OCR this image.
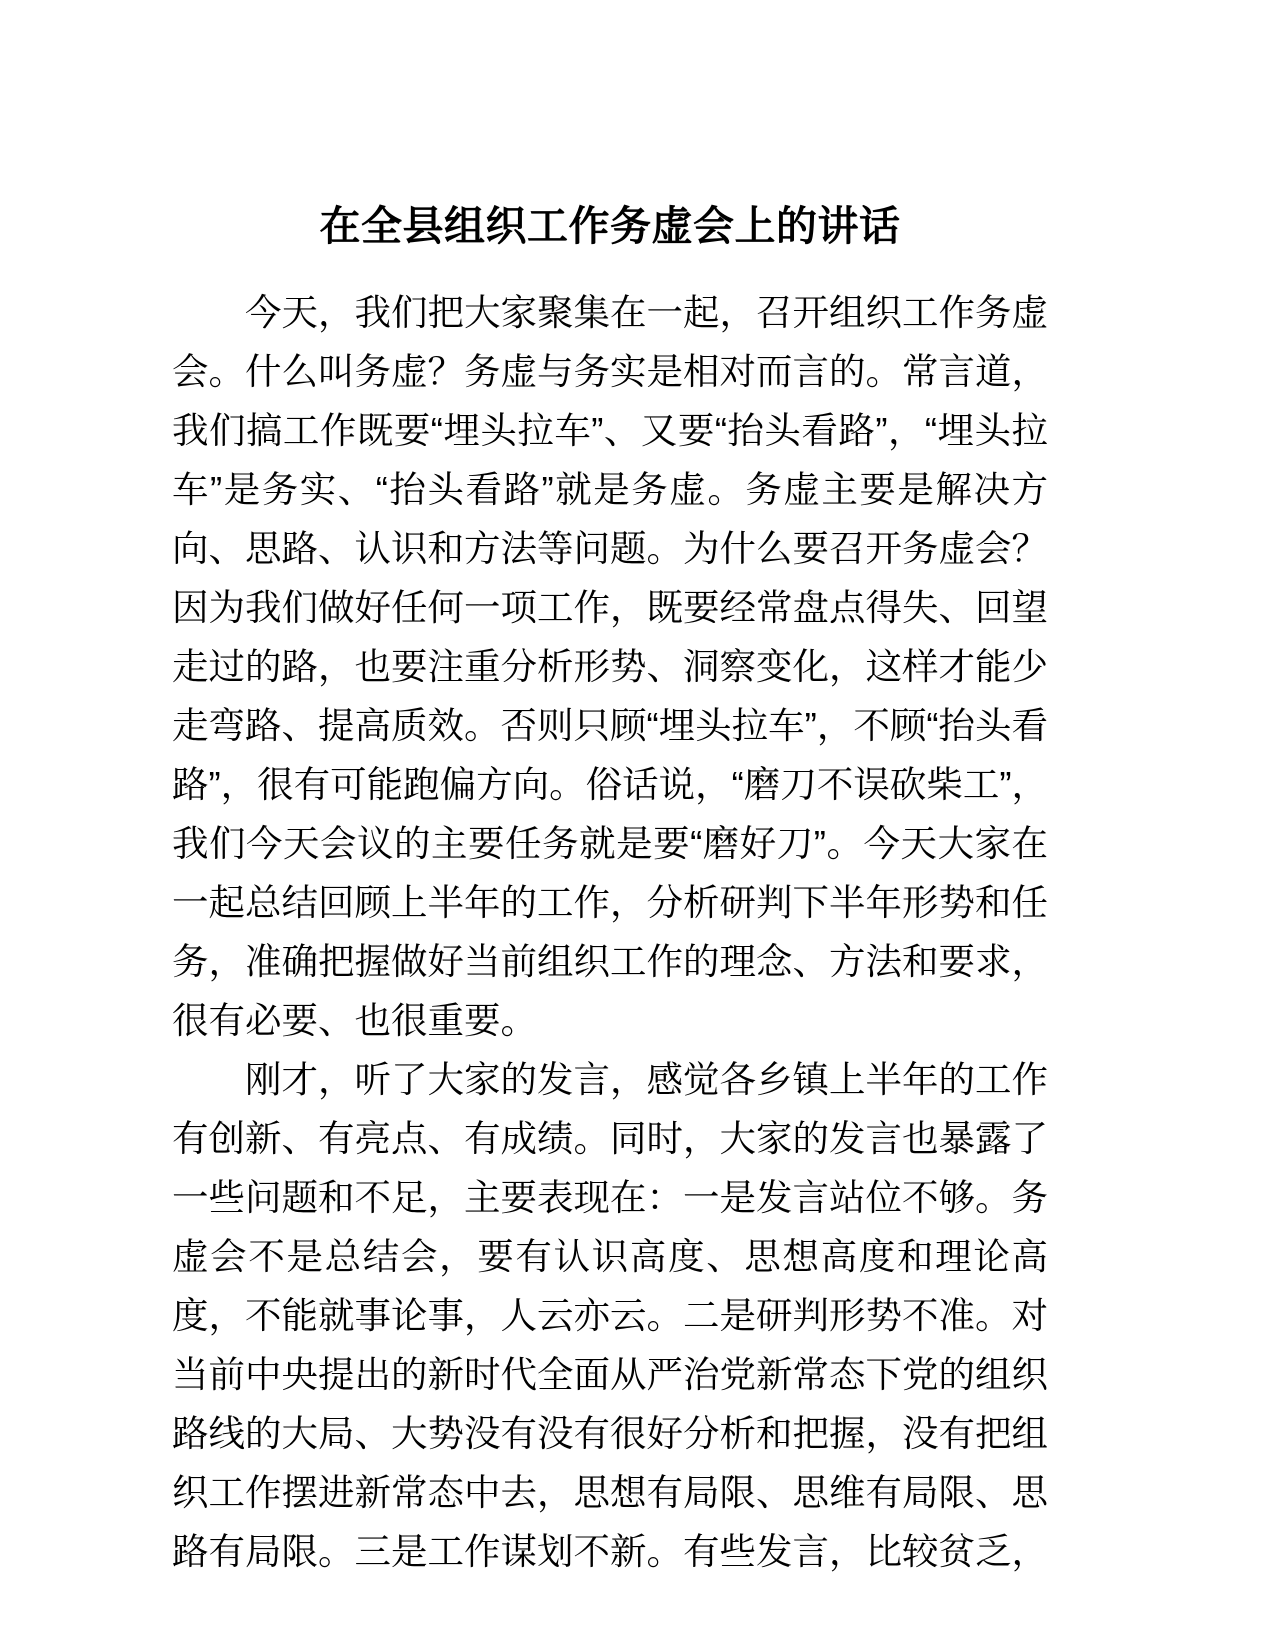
在全县组织工作务虚会上的讲话

今天，我们把大家聚集在一起，召开组织工作务虚会。什么叫务虚？务虚与务实是相对而言的。常言道，我们搞工作既要“埋头拉车”、又要“抬头看路”，“埋头拉车”是务实、“抬头看路”就是务虚。务虚主要是解决方向、思路、认识和方法等问题。为什么要召开务虚会？因为我们做好任何一项工作，既要经常盘点得失、回望走过的路，也要注重分析形势、洞察变化，这样才能少走弯路、提高质效。否则只顾“埋头拉车”，不顾“抬头看路”，很有可能跑偏方向。俗话说，“磨刀不误砍柴工”，我们今天会议的主要任务就是要“磨好刀”。今天大家在一起总结回顾上半年的工作，分析研判下半年形势和任务，准确把握做好当前组织工作的理念、方法和要求，很有必要、也很重要。

刚才，听了大家的发言，感觉各乡镇上半年的工作有创新、有亮点、有成绩。同时，大家的发言也暴露了一些问题和不足，主要表现在：一是发言站位不够。务虚会不是总结会，要有认识高度、思想高度和理论高度，不能就事论事，人云亦云。二是研判形势不准。对当前中央提出的新时代全面从严治党新常态下党的组织路线的大局、大势没有没有很好分析和把握，没有把组织工作摆进新常态中去，思想有局限、思维有局限、思路有局限。三是工作谋划不新。有些发言，比较贫乏，
